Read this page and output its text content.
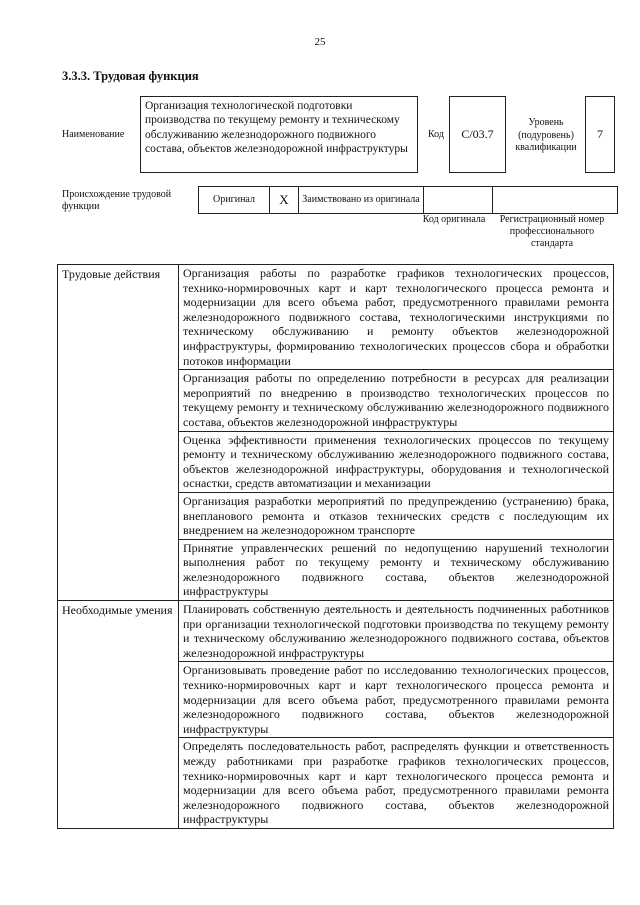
25
3.3.3. Трудовая функция
Наименование
Организация технологической подготовки производства по текущему ремонту и техническому обслуживанию железнодорожного подвижного состава, объектов железнодорожной инфраструктуры
Код С/03.7
Уровень (подуровень) квалификации
7
Происхождение трудовой функции
Оригинал	X	Заимствовано из оригинала		
Код оригинала	Регистрационный номер профессионального стандарта
Трудовые действия	Организация работы по разработке графиков технологических процессов, технико-нормировочных карт и карт технологического процесса ремонта и модернизации для всего объема работ, предусмотренного правилами ремонта железнодорожного подвижного состава, технологическими инструкциями по техническому обслуживанию и ремонту объектов железнодорожной инфраструктуры, формированию технологических процессов сбора и обработки потоков информации
	Организация работы по определению потребности в ресурсах для реализации мероприятий по внедрению в производство технологических процессов по текущему ремонту и техническому обслуживанию железнодорожного подвижного состава, объектов железнодорожной инфраструктуры
	Оценка эффективности применения технологических процессов по текущему ремонту и техническому обслуживанию железнодорожного подвижного состава, объектов железнодорожной инфраструктуры, оборудования и технологической оснастки, средств автоматизации и механизации
	Организация разработки мероприятий по предупреждению (устранению) брака, внепланового ремонта и отказов технических средств с последующим их внедрением на железнодорожном транспорте
	Принятие управленческих решений по недопущению нарушений технологии выполнения работ по текущему ремонту и техническому обслуживанию железнодорожного подвижного состава, объектов железнодорожной инфраструктуры
Необходимые умения	Планировать собственную деятельность и деятельность подчиненных работников при организации технологической подготовки производства по текущему ремонту и техническому обслуживанию железнодорожного подвижного состава, объектов железнодорожной инфраструктуры
	Организовывать проведение работ по исследованию технологических процессов, технико-нормировочных карт и карт технологического процесса ремонта и модернизации для всего объема работ, предусмотренного правилами ремонта железнодорожного подвижного состава, объектов железнодорожной инфраструктуры
	Определять последовательность работ, распределять функции и ответственность между работниками при разработке графиков технологических процессов, технико-нормировочных карт и карт технологического процесса ремонта и модернизации для всего объема работ, предусмотренного правилами ремонта железнодорожного подвижного состава, объектов железнодорожной инфраструктуры
